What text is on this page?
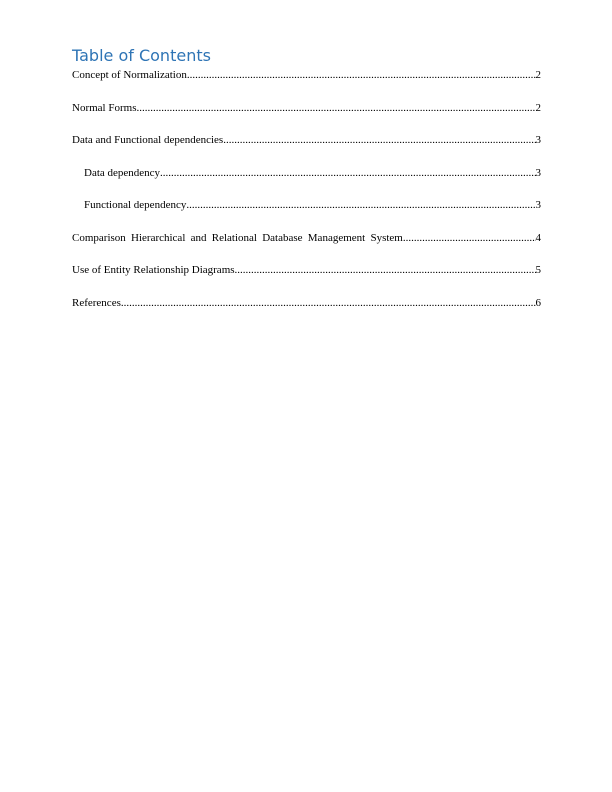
Table of Contents
Concept of Normalization .....	2
Normal Forms .....	2
Data and Functional dependencies .....	3
Data dependency .....	3
Functional dependency .....	3
Comparison Hierarchical and Relational Database Management System .....	4
Use of Entity Relationship Diagrams .....	5
References .....	6
